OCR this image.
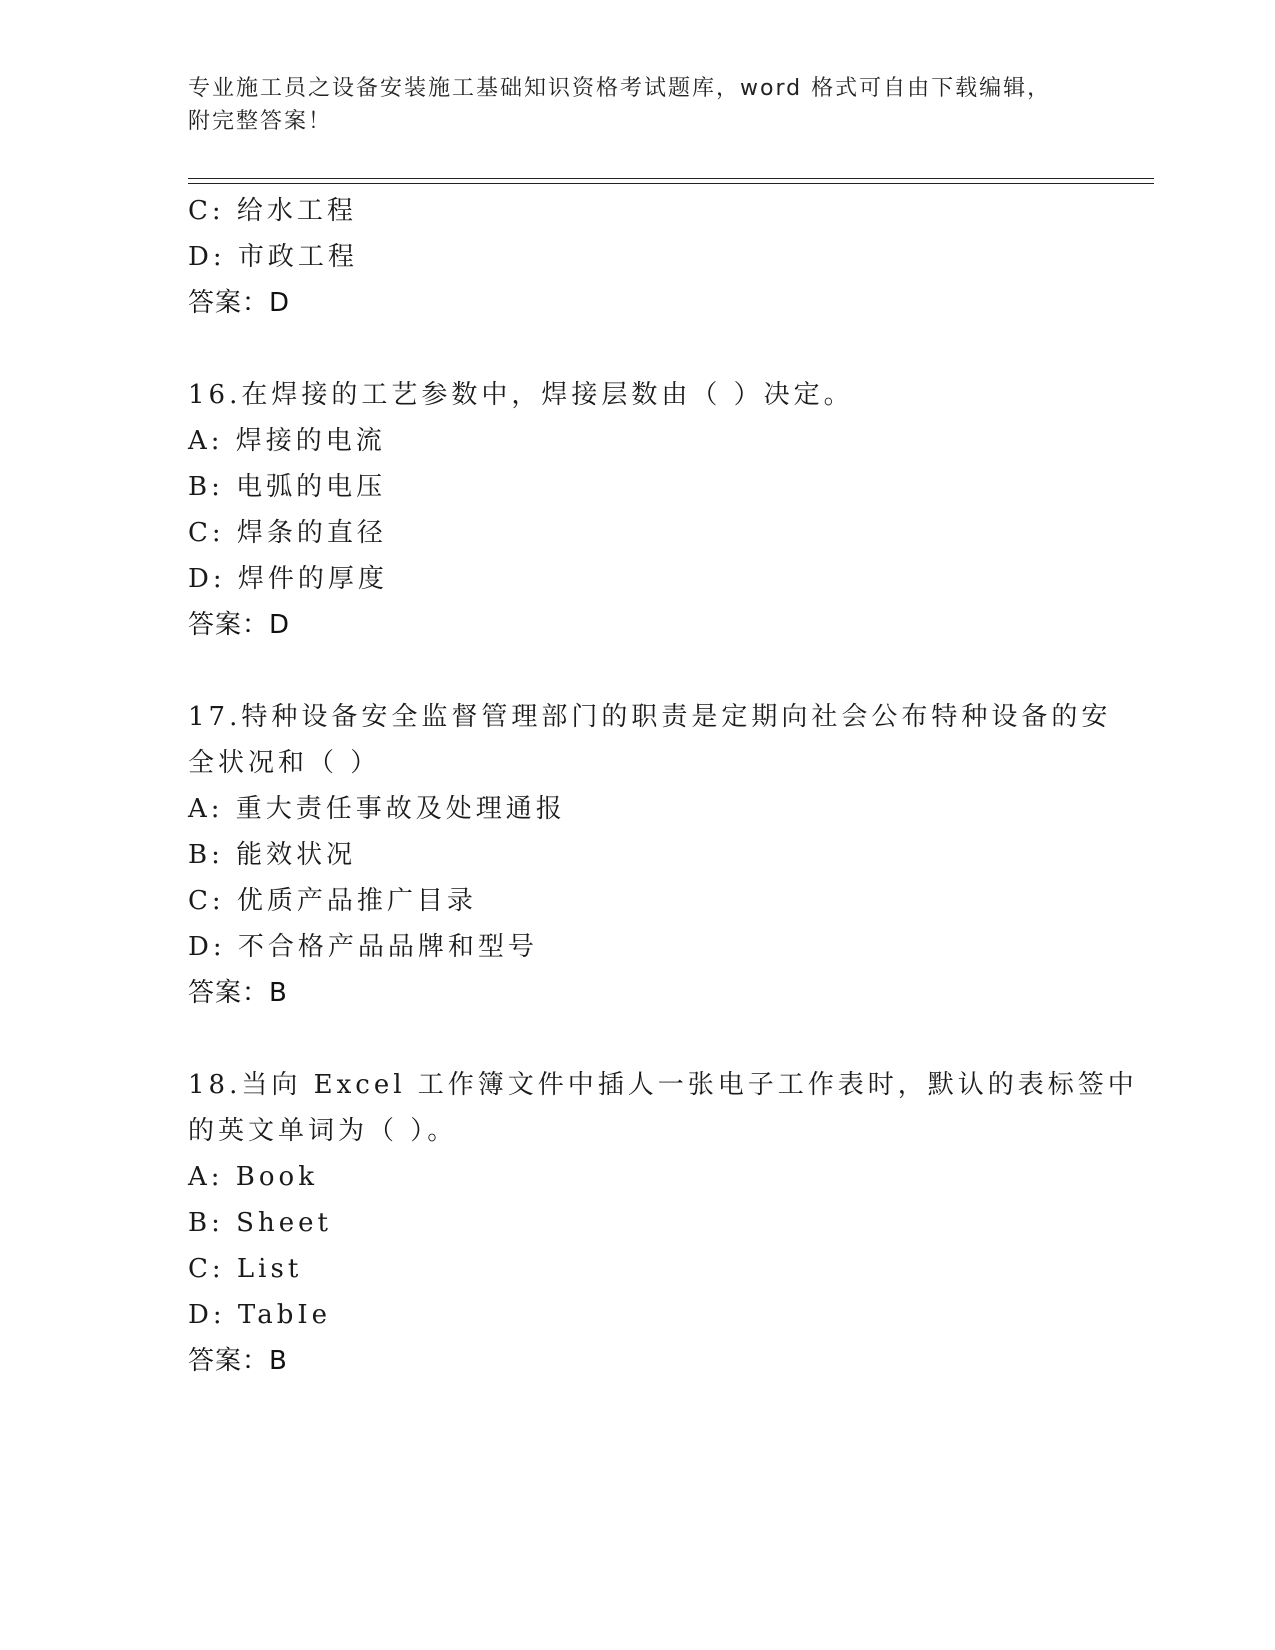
专业施工员之设备安装施工基础知识资格考试题库，word 格式可自由下载编辑，
附完整答案！
C: 给水工程
D: 市政工程
答案：D
16.在焊接的工艺参数中，焊接层数由（ ）决定。
A: 焊接的电流
B: 电弧的电压
C: 焊条的直径
D: 焊件的厚度
答案：D
17.特种设备安全监督管理部门的职责是定期向社会公布特种设备的安
全状况和（ ）
A: 重大责任事故及处理通报
B: 能效状况
C: 优质产品推广目录
D: 不合格产品品牌和型号
答案：B
18.当向 Excel 工作簿文件中插人一张电子工作表时，默认的表标签中
的英文单词为（ ）。
A: Book
B: Sheet
C: List
D: TabIe
答案：B
